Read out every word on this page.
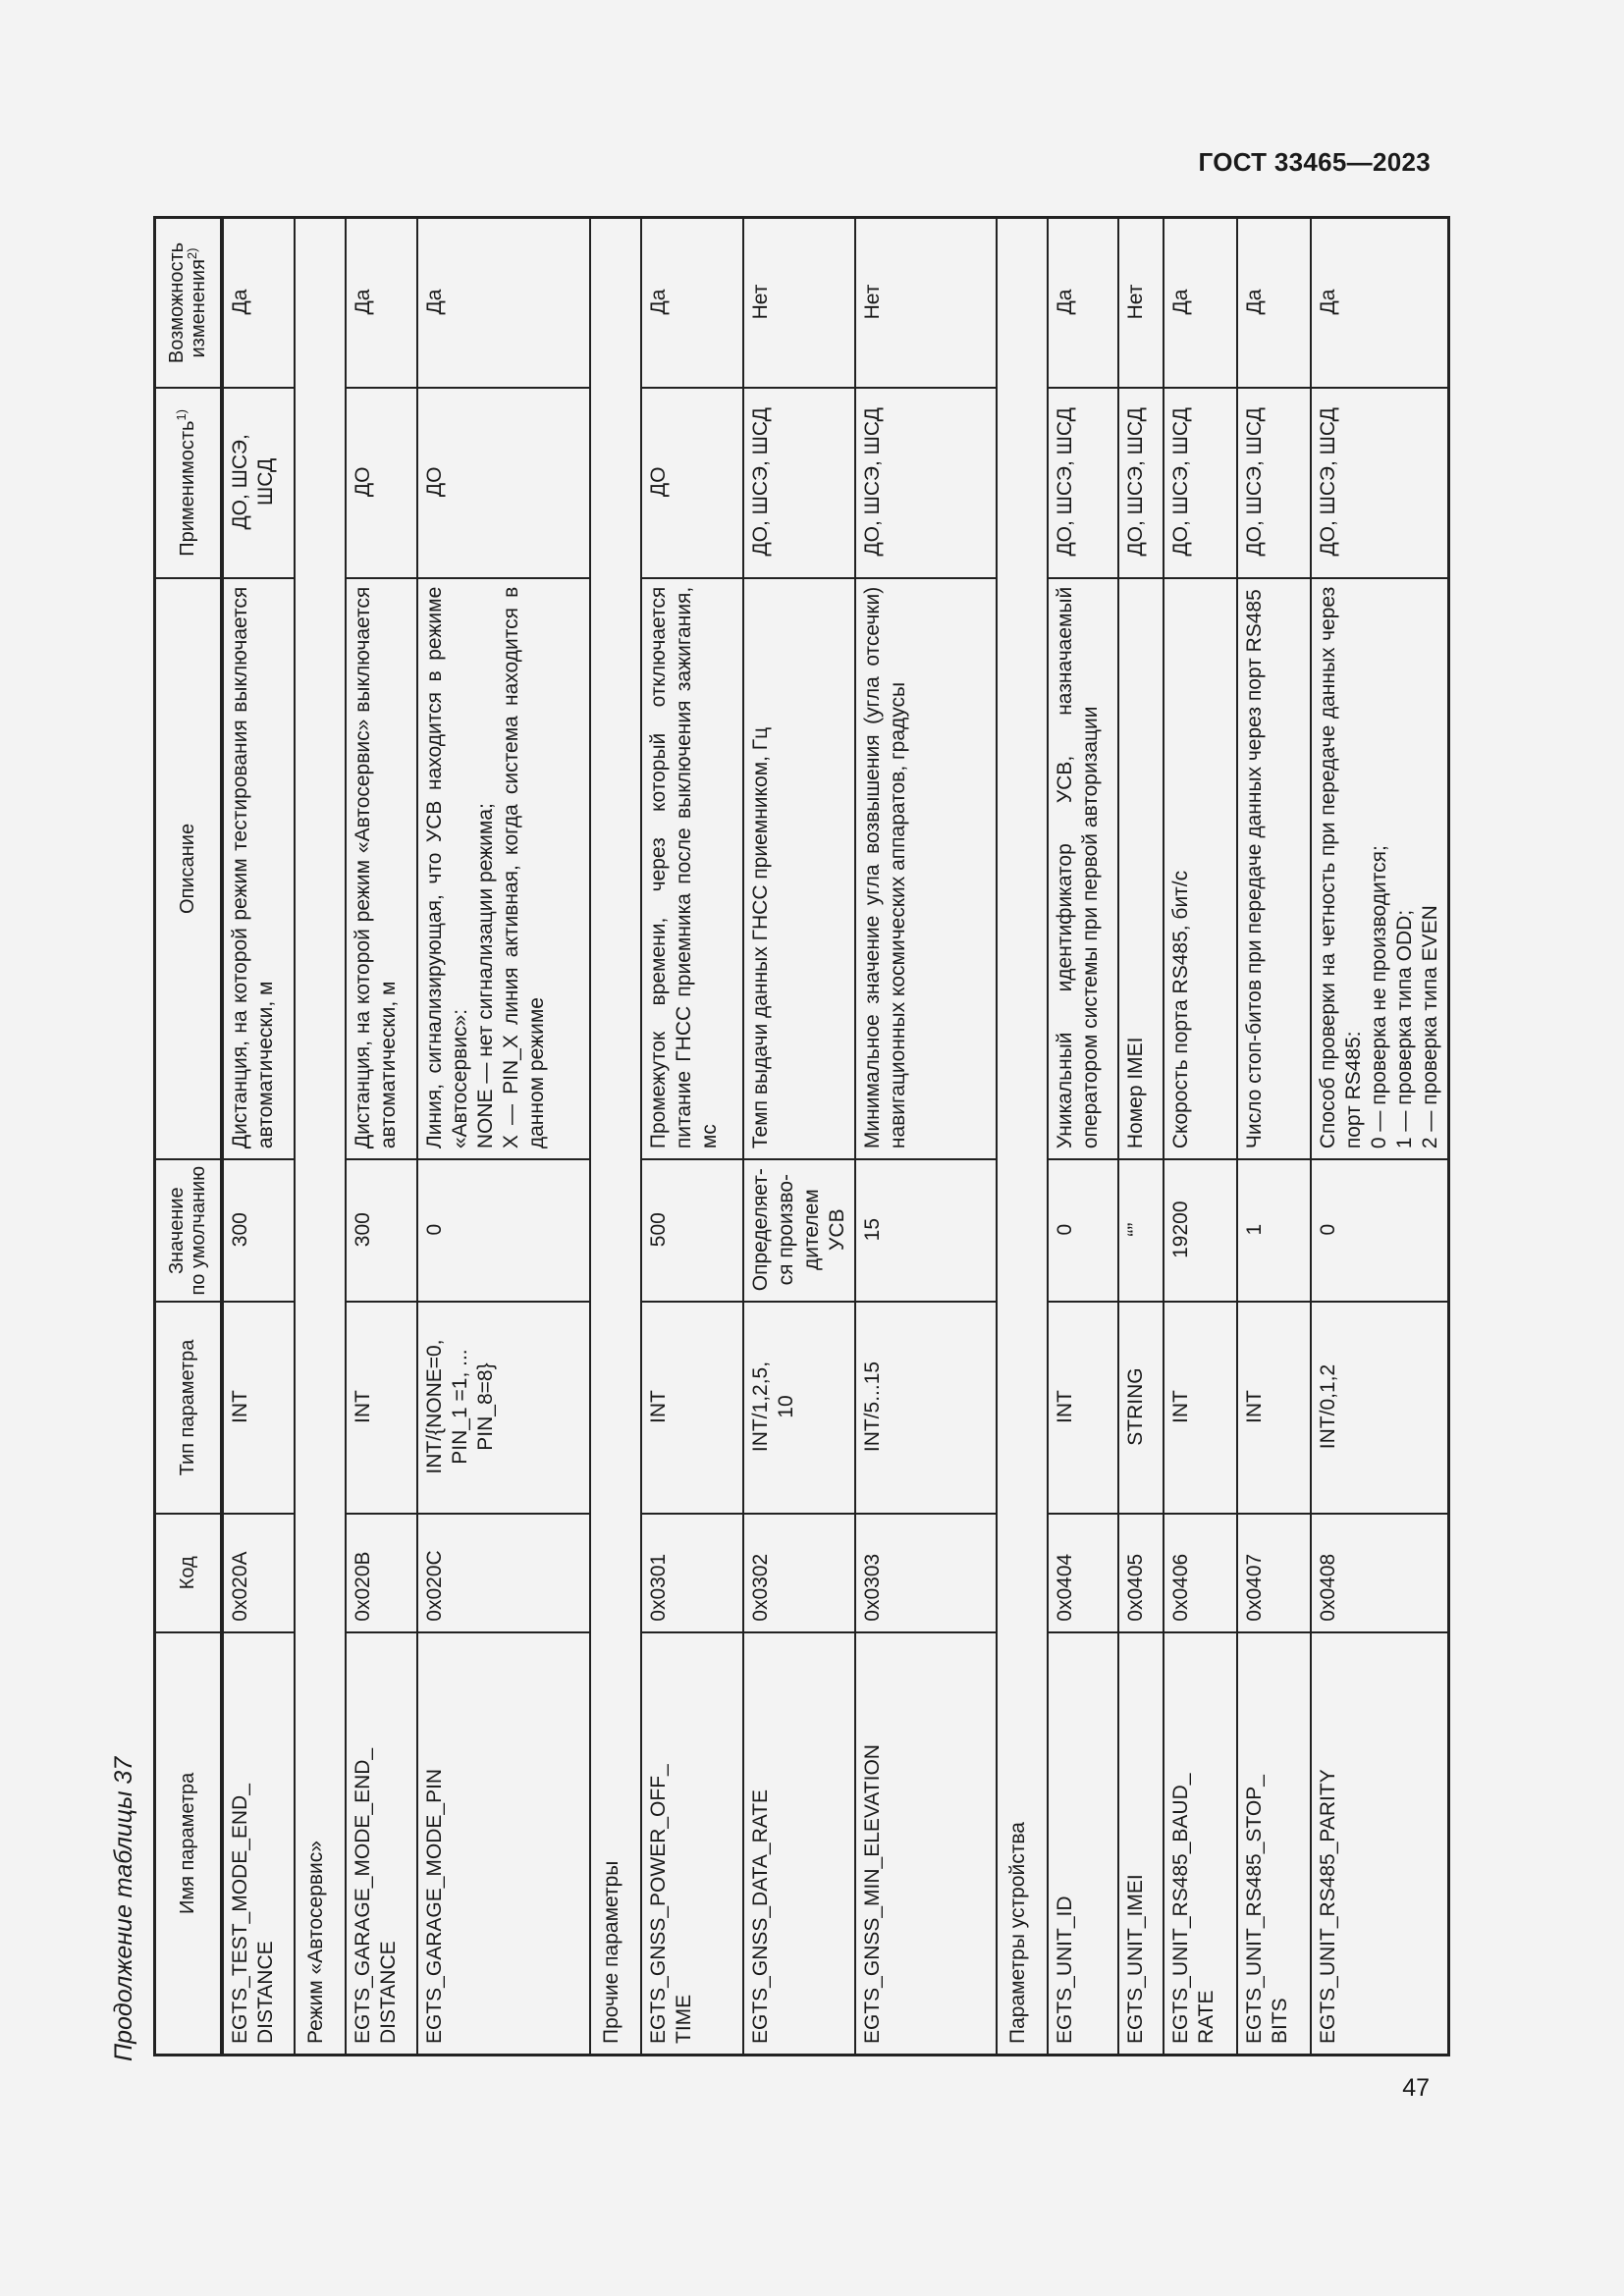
ГОСТ 33465—2023
Продолжение таблицы 37 Имя параметра	Код	Тип параметра	Значение
по умолчанию	Описание	Применимость$^{1)}$	Возможность
изменения$^{2)}$
EGTS_TEST_MODE_END_
DISTANCE	0x020A	INT	300	Дистанция, на которой режим тестирования выключается автоматически, м	ДО, ШСЭ,
ШСД	Да
Режим «Автосервис»						
EGTS_GARAGE_MODE_END_
DISTANCE	0x020B	INT	300	Дистанция, на которой режим «Автосервис» выключается автоматически, м	ДО	Да
EGTS_GARAGE_MODE_PIN	0x020C	INT/{NONE=0,
PIN_1 =1, ...
PIN_8=8}	0	Линия, сигнализирующая, что УСВ находится в режиме «Автосервис»:
NONE — нет сигнализации режима;
X — PIN_X линия активная, когда система находится в данном режиме	ДО	Да
Прочие параметры						
EGTS_GNSS_POWER_OFF_
TIME	0x0301	INT	500	Промежуток времени, через который отключается питание ГНСС приемника после выключения зажигания, мс	ДО	Да
EGTS_GNSS_DATA_RATE	0x0302	INT/1,2,5,
10	Определяет-
ся произво-
дителем УСВ	Темп выдачи данных ГНСС приемником, Гц	ДО, ШСЭ, ШСД	Нет
EGTS_GNSS_MIN_ELEVATION	0x0303	INT/5...15	15	Минимальное значение угла возвышения (угла отсечки) навигационных космических аппаратов, градусы	ДО, ШСЭ, ШСД	Нет
Параметры устройства						
EGTS_UNIT_ID	0x0404	INT	0	Уникальный идентификатор УСВ, назначаемый оператором системы при первой авторизации	ДО, ШСЭ, ШСД	Да
EGTS_UNIT_IMEI	0x0405	STRING	“”	Номер IMEI	ДО, ШСЭ, ШСД	Нет
EGTS_UNIT_RS485_BAUD_
RATE	0x0406	INT	19200	Скорость порта RS485, бит/с	ДО, ШСЭ, ШСД	Да
EGTS_UNIT_RS485_STOP_
BITS	0x0407	INT	1	Число стоп-битов при передаче данных через порт RS485	ДО, ШСЭ, ШСД	Да
EGTS_UNIT_RS485_PARITY	0x0408	INT/0,1,2	0	Способ проверки на четность при передаче данных через порт RS485:
0 — проверка не производится;
1 — проверка типа ODD;
2 — проверка типа EVEN	ДО, ШСЭ, ШСД	Да
47
